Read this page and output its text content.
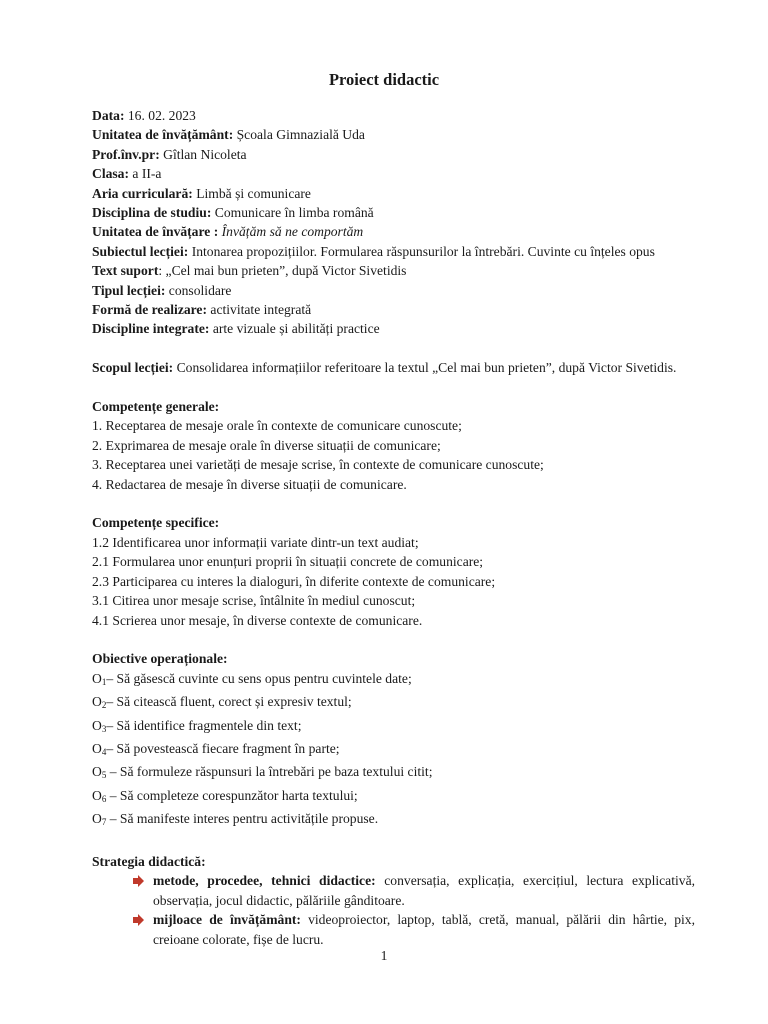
Proiect didactic

Data: 16. 02. 2023

Unitatea de învățământ: Școala Gimnazială Uda

Prof.înv.pr: Gîtlan Nicoleta

Clasa: a II-a

Aria curriculară: Limbă și comunicare

Disciplina de studiu: Comunicare în limba română

Unitatea de învățare : Învățăm să ne comportăm

Subiectul lecției: Intonarea propozițiilor. Formularea răspunsurilor la întrebări. Cuvinte cu înțeles opus

Text suport: „Cel mai bun prieten”, după Victor Sivetidis

Tipul lecției: consolidare

Formă de realizare: activitate integrată

Discipline integrate: arte vizuale și abilități practice

Scopul lecției: Consolidarea informațiilor referitoare la textul „Cel mai bun prieten”, după Victor Sivetidis.

Competențe generale:

1. Receptarea de mesaje orale în contexte de comunicare cunoscute;

2. Exprimarea de mesaje orale în diverse situații de comunicare;

3. Receptarea unei varietăți de mesaje scrise, în contexte de comunicare cunoscute;

4. Redactarea de mesaje în diverse situații de comunicare.

Competențe specifice:

1.2 Identificarea unor informații variate dintr-un text audiat;

2.1 Formularea unor enunțuri proprii în situații concrete de comunicare;

2.3 Participarea cu interes la dialoguri, în diferite contexte de comunicare;

3.1 Citirea unor mesaje scrise, întâlnite în mediul cunoscut;

4.1 Scrierea unor mesaje, în diverse contexte de comunicare.

Obiective operaționale:

$O_1-$ Să găsescă cuvinte cu sens opus pentru cuvintele date;

$O_2-$ Să citească fluent, corect și expresiv textul;

$O_3-$ Să identifice fragmentele din text;

$O_4-$ Să povestească fiecare fragment în parte;

$O_5$ – Să formuleze răspunsuri la întrebări pe baza textului citit;

$O_6$ – Să completeze corespunzător harta textului;

$O_7$ – Să manifeste interes pentru activitățile propuse.

Strategia didactică:

metode, procedee, tehnici didactice: conversația, explicația, exercițiul, lectura explicativă, observația, jocul didactic, pălăriile gânditoare.
mijloace de învățământ: videoproiector, laptop, tablă, cretă, manual, pălării din hârtie, pix, creioane colorate, fișe de lucru.
1
